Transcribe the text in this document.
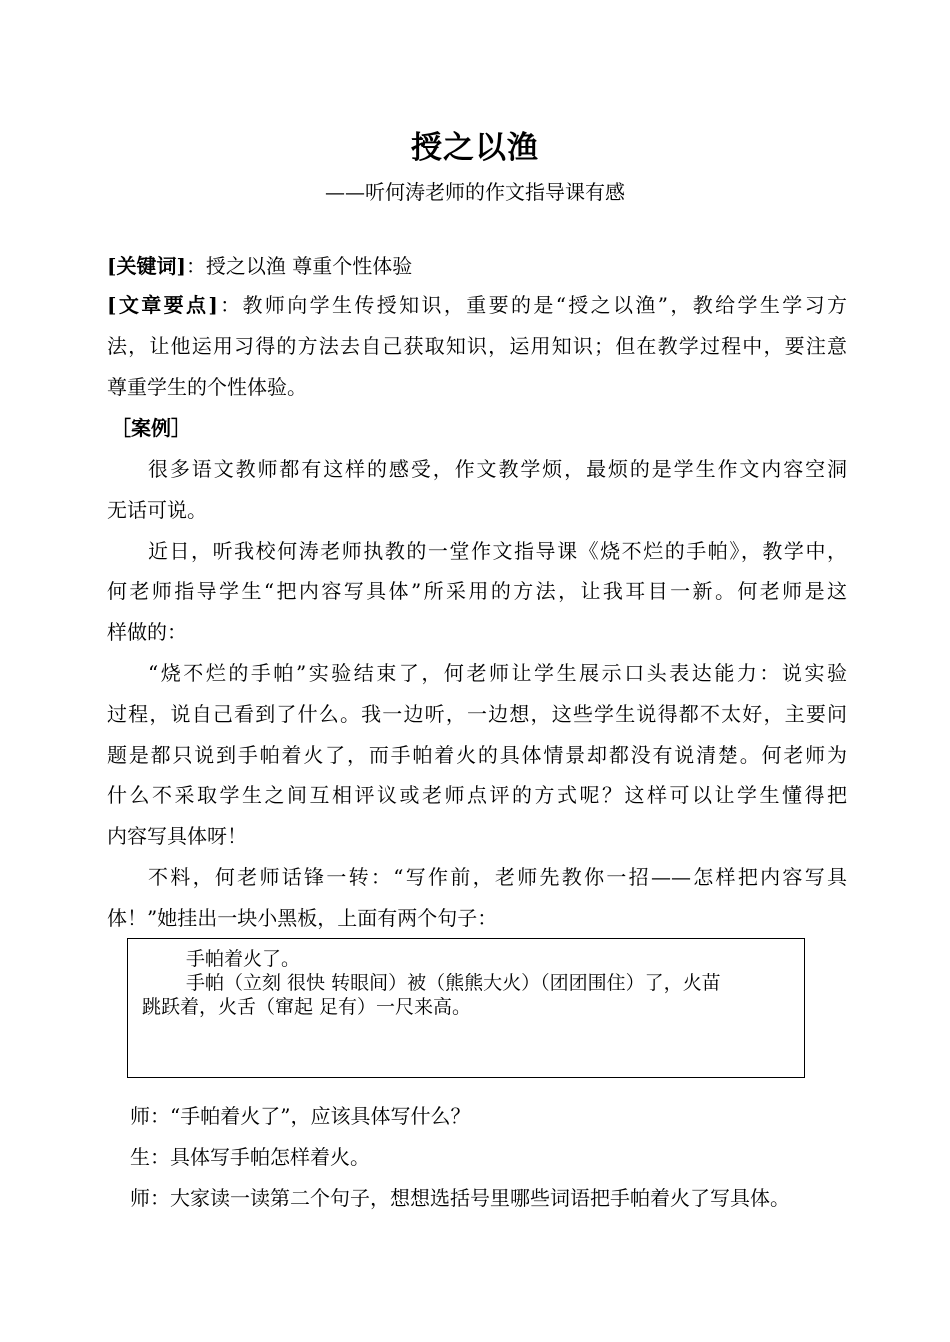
授之以渔
——听何涛老师的作文指导课有感
[关键词]：授之以渔 尊重个性体验
[文章要点]：教师向学生传授知识，重要的是“授之以渔”，教给学生学习方
法，让他运用习得的方法去自己获取知识，运用知识；但在教学过程中，要注意
尊重学生的个性体验。
［案例］
很多语文教师都有这样的感受，作文教学烦，最烦的是学生作文内容空洞
无话可说。
近日，听我校何涛老师执教的一堂作文指导课《烧不烂的手帕》，教学中，
何老师指导学生“把内容写具体”所采用的方法，让我耳目一新。何老师是这
样做的：
“烧不烂的手帕”实验结束了，何老师让学生展示口头表达能力：说实验
过程，说自己看到了什么。我一边听，一边想，这些学生说得都不太好，主要问
题是都只说到手帕着火了，而手帕着火的具体情景却都没有说清楚。何老师为
什么不采取学生之间互相评议或老师点评的方式呢？这样可以让学生懂得把
内容写具体呀！
不料，何老师话锋一转：“写作前，老师先教你一招——怎样把内容写具
体！”她挂出一块小黑板，上面有两个句子：
手帕着火了。
手帕（立刻 很快 转眼间）被（熊熊大火）（团团围住）了，火苗
跳跃着，火舌（窜起 足有）一尺来高。
师：“手帕着火了”，应该具体写什么？
生：具体写手帕怎样着火。
师：大家读一读第二个句子，想想选括号里哪些词语把手帕着火了写具体。
